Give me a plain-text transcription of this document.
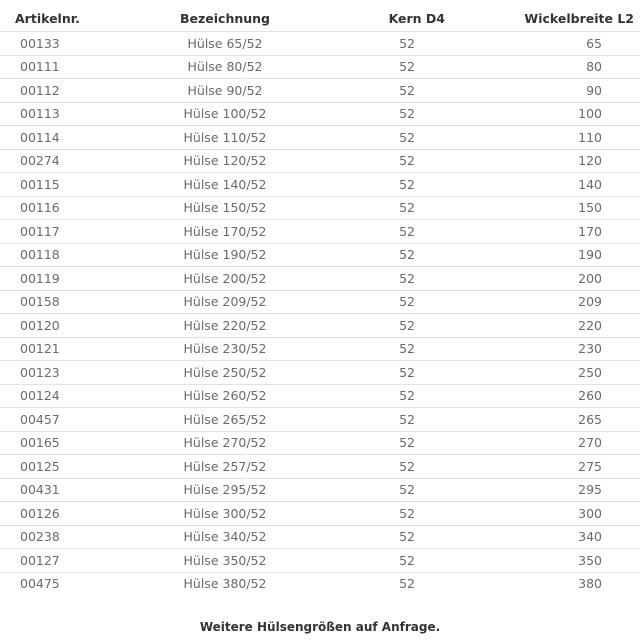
Artikelnr.	Bezeichnung	Kern D4	Wickelbreite L2
00133	Hülse 65/52	52	65
00111	Hülse 80/52	52	80
00112	Hülse 90/52	52	90
00113	Hülse 100/52	52	100
00114	Hülse 110/52	52	110
00274	Hülse 120/52	52	120
00115	Hülse 140/52	52	140
00116	Hülse 150/52	52	150
00117	Hülse 170/52	52	170
00118	Hülse 190/52	52	190
00119	Hülse 200/52	52	200
00158	Hülse 209/52	52	209
00120	Hülse 220/52	52	220
00121	Hülse 230/52	52	230
00123	Hülse 250/52	52	250
00124	Hülse 260/52	52	260
00457	Hülse 265/52	52	265
00165	Hülse 270/52	52	270
00125	Hülse 257/52	52	275
00431	Hülse 295/52	52	295
00126	Hülse 300/52	52	300
00238	Hülse 340/52	52	340
00127	Hülse 350/52	52	350
00475	Hülse 380/52	52	380
Weitere Hülsengrößen auf Anfrage.
